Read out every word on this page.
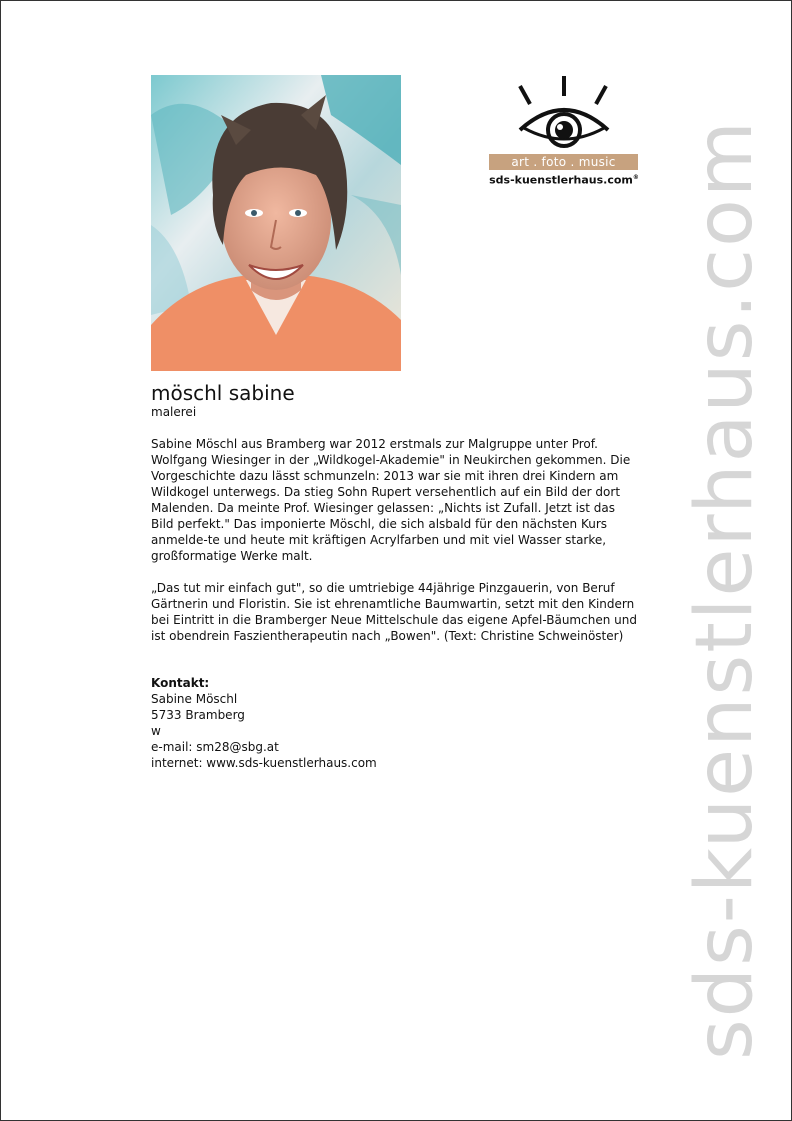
art . foto . music
sds-kuenstlerhaus.com® sds-kuenstlerhaus.com
möschl sabine
malerei

Sabine Möschl aus Bramberg war 2012 erstmals zur Malgruppe unter Prof. Wolfgang Wiesinger in der „Wildkogel-Akademie" in Neukirchen gekommen. Die Vorgeschichte dazu lässt schmunzeln: 2013 war sie mit ihren drei Kindern am Wildkogel unterwegs. Da stieg Sohn Rupert versehentlich auf ein Bild der dort Malenden. Da meinte Prof. Wiesinger gelassen: „Nichts ist Zufall. Jetzt ist das Bild perfekt." Das imponierte Möschl, die sich alsbald für den nächsten Kurs anmelde-te und heute mit kräftigen Acrylfarben und mit viel Wasser starke, großformatige Werke malt.

„Das tut mir einfach gut", so die umtriebige 44jährige Pinzgauerin, von Beruf Gärtnerin und Floristin. Sie ist ehrenamtliche Baumwartin, setzt mit den Kindern bei Eintritt in die Bramberger Neue Mittelschule das eigene Apfel-Bäumchen und ist obendrein Faszientherapeutin nach „Bowen". (Text: Christine Schweinöster)

Kontakt:
Sabine Möschl
5733 Bramberg
w
e-mail: sm28@sbg.at
internet: www.sds-kuenstlerhaus.com
